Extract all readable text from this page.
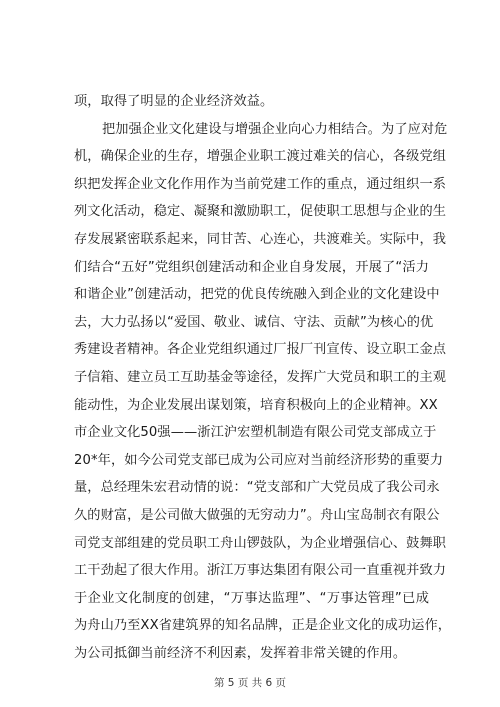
项，取得了明显的企业经济效益。
把加强企业文化建设与增强企业向心力相结合。为了应对危
机，确保企业的生存，增强企业职工渡过难关的信心，各级党组
织把发挥企业文化作用作为当前党建工作的重点，通过组织一系
列文化活动，稳定、凝聚和激励职工，促使职工思想与企业的生
存发展紧密联系起来，同甘苦、心连心，共渡难关。实际中，我
们结合“五好”党组织创建活动和企业自身发展，开展了“活力
和谐企业”创建活动，把党的优良传统融入到企业的文化建设中
去，大力弘扬以“爱国、敬业、诚信、守法、贡献”为核心的优
秀建设者精神。各企业党组织通过厂报厂刊宣传、设立职工金点
子信箱、建立员工互助基金等途径，发挥广大党员和职工的主观
能动性，为企业发展出谋划策，培育积极向上的企业精神。XX
市企业文化50强——浙江沪宏塑机制造有限公司党支部成立于
20*年，如今公司党支部已成为公司应对当前经济形势的重要力
量，总经理朱宏君动情的说：“党支部和广大党员成了我公司永
久的财富，是公司做大做强的无穷动力”。舟山宝岛制衣有限公
司党支部组建的党员职工舟山锣鼓队，为企业增强信心、鼓舞职
工干劲起了很大作用。浙江万事达集团有限公司一直重视并致力
于企业文化制度的创建，“万事达监理”、“万事达管理”已成
为舟山乃至XX省建筑界的知名品牌，正是企业文化的成功运作，
为公司抵御当前经济不利因素，发挥着非常关键的作用。
第 5 页 共 6 页
